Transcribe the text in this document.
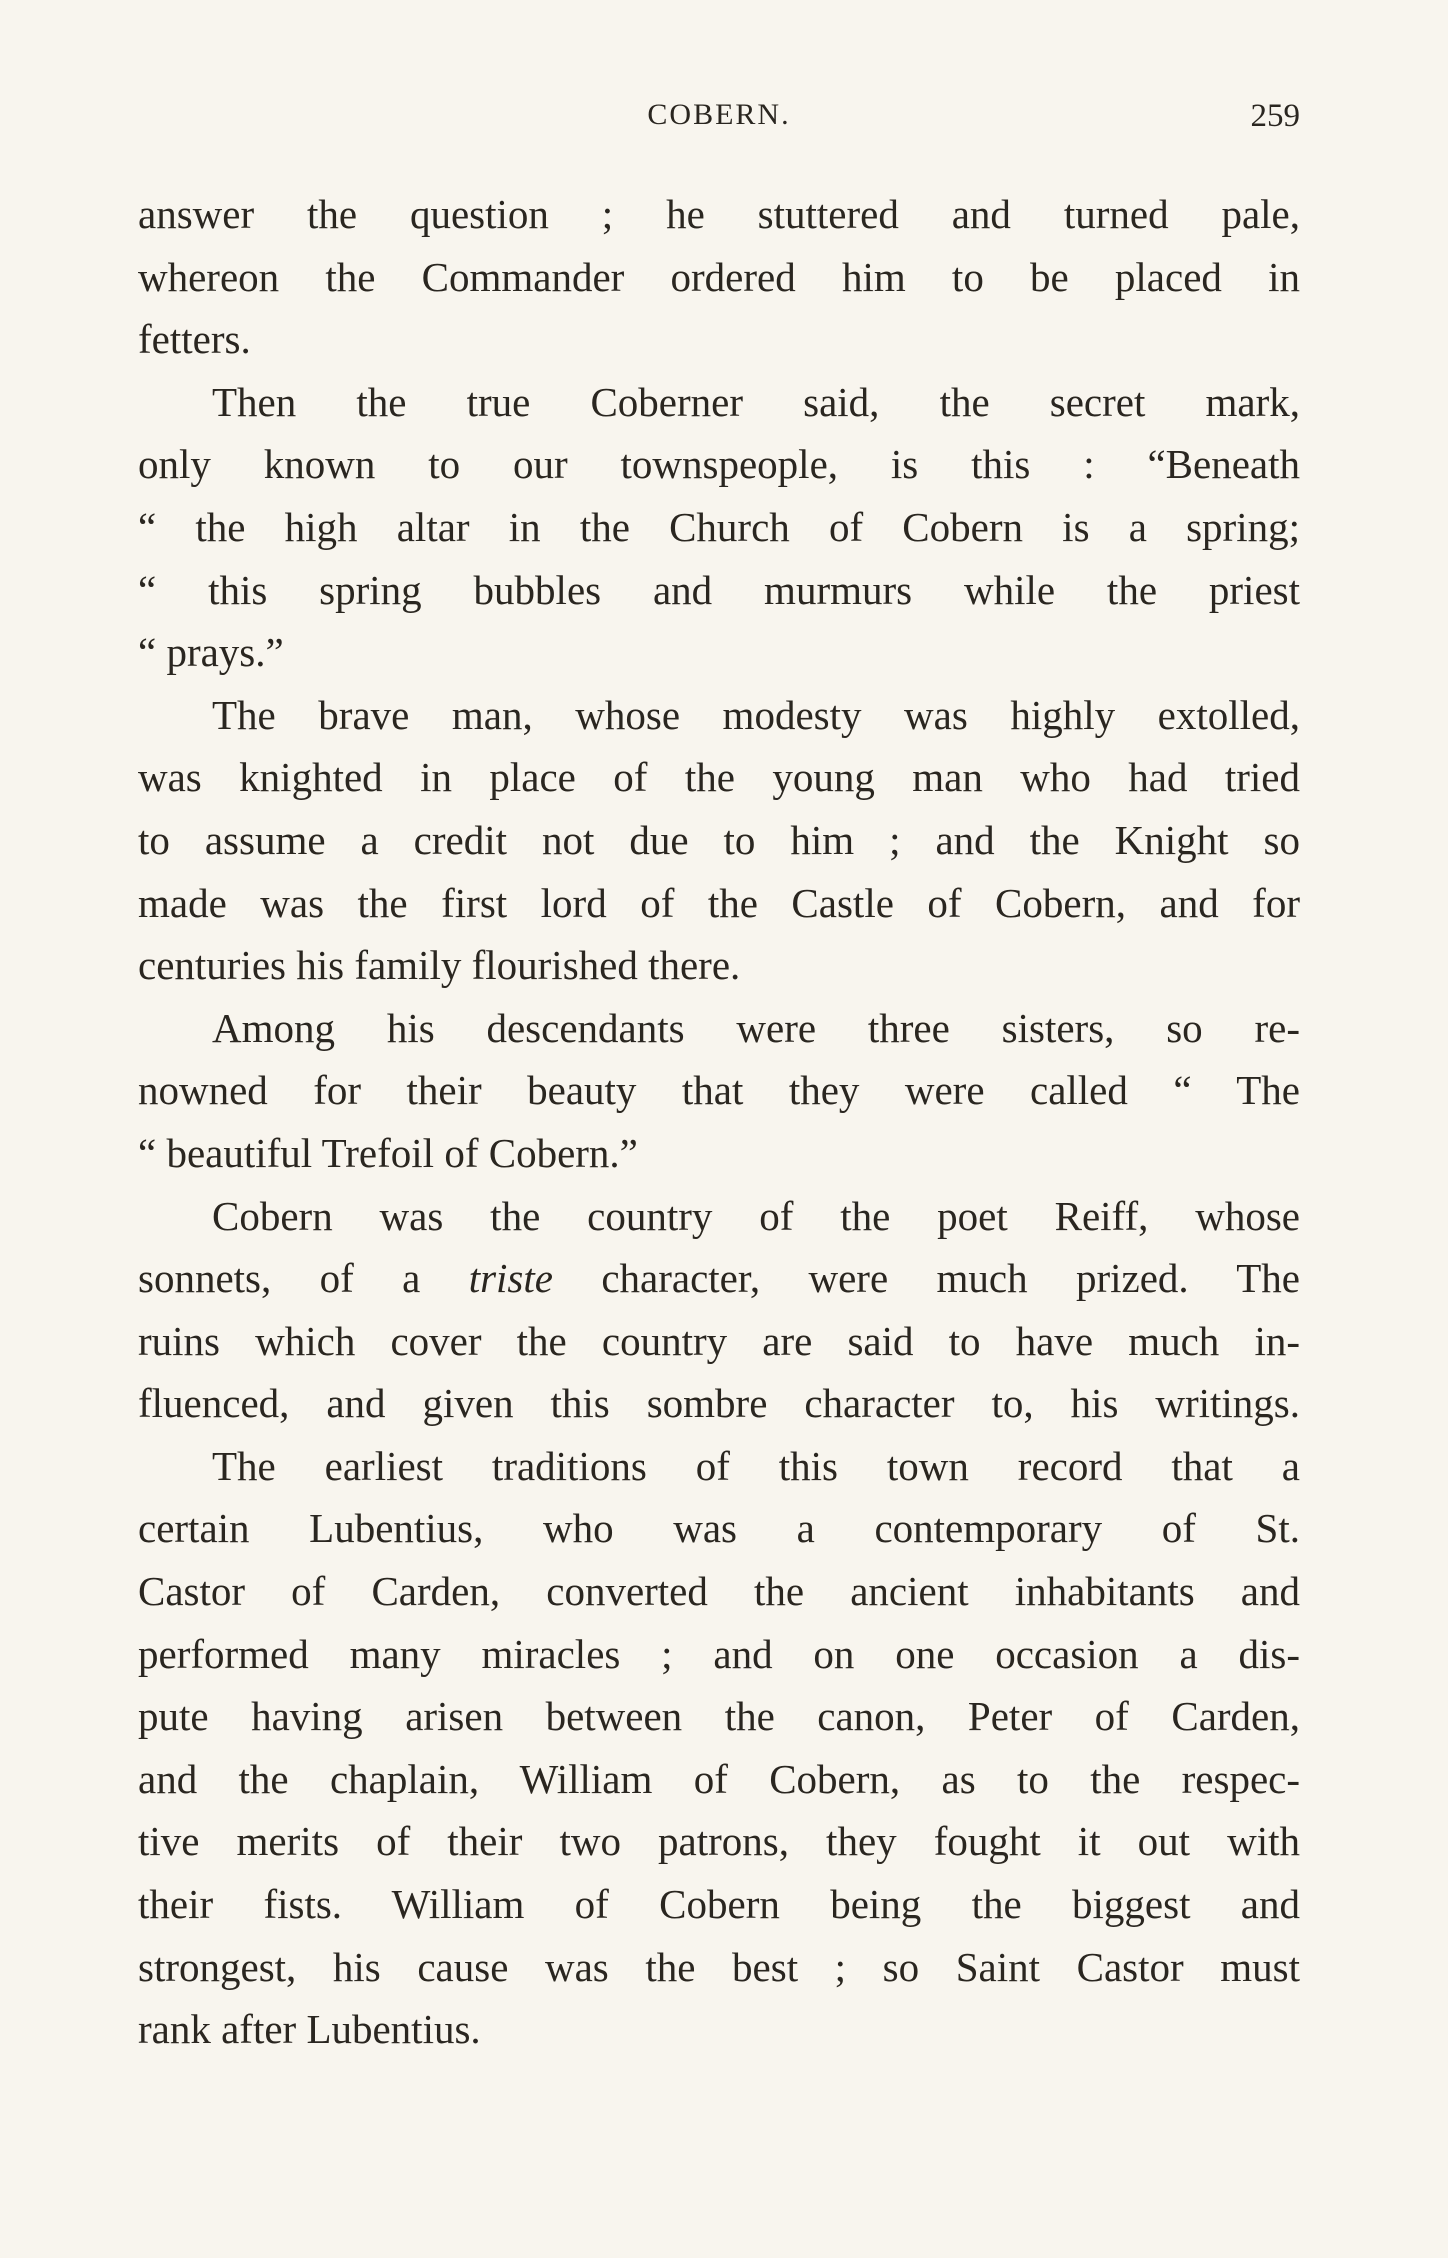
COBERN.	259
answer the question ; he stuttered and turned pale,
whereon the Commander ordered him to be placed in
fetters.
Then the true Coberner said, the secret mark,
only known to our townspeople, is this : “Beneath
“ the high altar in the Church of Cobern is a spring;
“ this spring bubbles and murmurs while the priest
“ prays.”
The brave man, whose modesty was highly extolled,
was knighted in place of the young man who had tried
to assume a credit not due to him ; and the Knight so
made was the first lord of the Castle of Cobern, and for
centuries his family flourished there.
Among his descendants were three sisters, so re-
nowned for their beauty that they were called “ The
“ beautiful Trefoil of Cobern.”
Cobern was the country of the poet Reiff, whose
sonnets, of a triste character, were much prized. The
ruins which cover the country are said to have much in-
fluenced, and given this sombre character to, his writings.
The earliest traditions of this town record that a
certain Lubentius, who was a contemporary of St.
Castor of Carden, converted the ancient inhabitants and
performed many miracles ; and on one occasion a dis-
pute having arisen between the canon, Peter of Carden,
and the chaplain, William of Cobern, as to the respec-
tive merits of their two patrons, they fought it out with
their fists. William of Cobern being the biggest and
strongest, his cause was the best ; so Saint Castor must
rank after Lubentius.
